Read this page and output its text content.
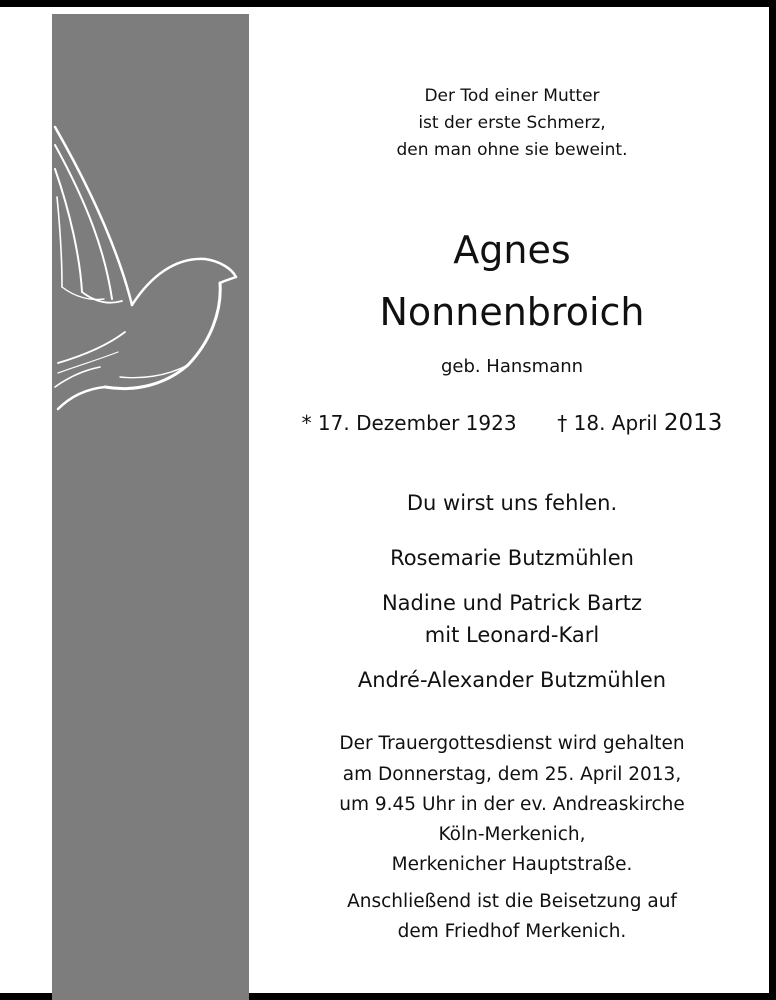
Der Tod einer Mutter
ist der erste Schmerz,
den man ohne sie beweint.
Agnes
Nonnenbroich
geb. Hansmann
* 17. Dezember 1923 † 18. April 2013
Du wirst uns fehlen.
Rosemarie Butzmühlen
Nadine und Patrick Bartz
mit Leonard-Karl
André-Alexander Butzmühlen
Der Trauergottesdienst wird gehalten
am Donnerstag, dem 25. April 2013,
um 9.45 Uhr in der ev. Andreaskirche
Köln-Merkenich,
Merkenicher Hauptstraße.
Anschließend ist die Beisetzung auf
dem Friedhof Merkenich.
